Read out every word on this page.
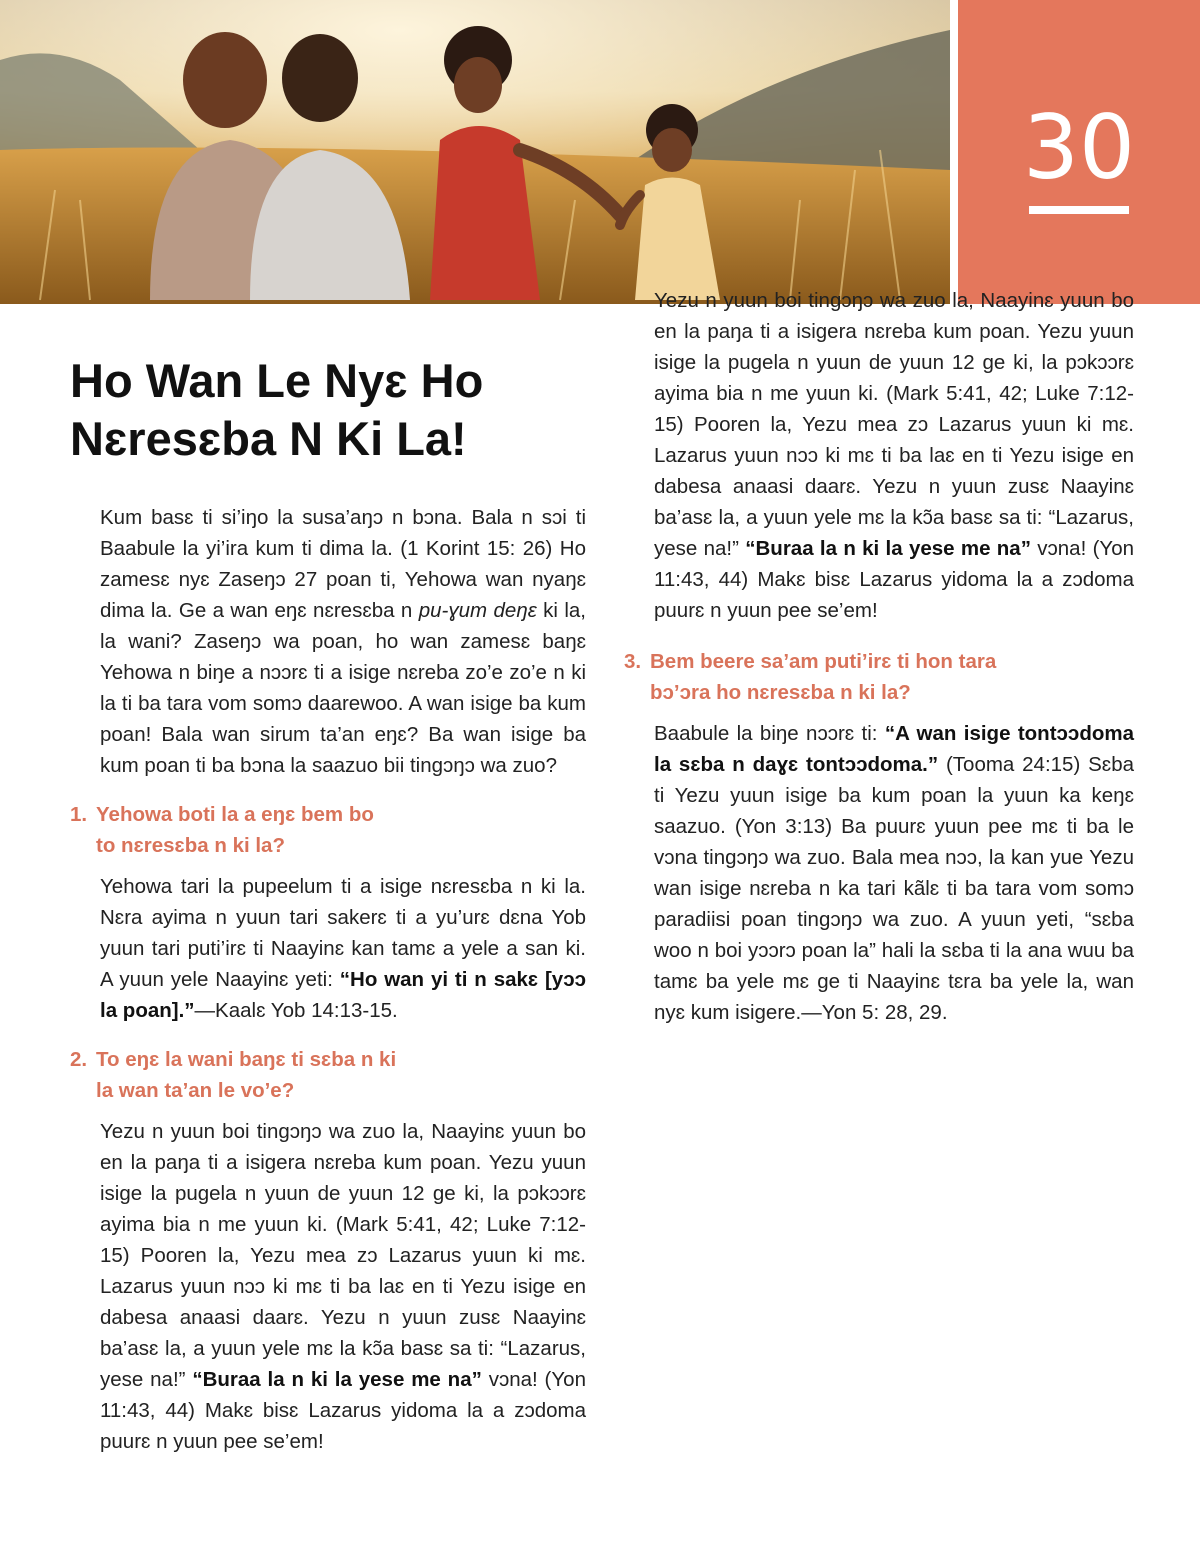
30
Ho Wan Le Nyɛ Ho
Nɛresɛba N Ki La!

Kum basɛ ti si’iŋo la susa’aŋɔ n bɔna. Bala n sɔi ti Baabule la yi’ira kum ti dima la. (1 Korint 15: 26) Ho zamesɛ nyɛ Zaseŋɔ 27 poan ti, Yehowa wan nyaŋɛ dima la. Ge a wan eŋɛ nɛresɛba n pu-ɣum deŋɛ ki la, la wani? Zaseŋɔ wa poan, ho wan zamesɛ baŋɛ Yehowa n biŋe a nɔɔrɛ ti a isige nɛreba zo’e zo’e n ki la ti ba tara vom somɔ daarewoo. A wan isige ba kum poan! Bala wan sirum ta’an eŋɛ? Ba wan isige ba kum poan ti ba bɔna la saazuo bii tingɔŋɔ wa zuo?

1. Yehowa boti la a eŋɛ bem bo
to nɛresɛba n ki la?

Yehowa tari la pupeelum ti a isige nɛresɛba n ki la. Nɛra ayima n yuun tari sakerɛ ti a yu’urɛ dɛna Yob yuun tari puti’irɛ ti Naayinɛ kan tamɛ a yele a san ki. A yuun yele Naayinɛ yeti: “Ho wan yi ti n sakɛ [yɔɔ la poan].”—Kaalɛ Yob 14:13-15.

2. To eŋɛ la wani baŋɛ ti sɛba n ki
la wan ta’an le vo’e?

Yezu n yuun boi tingɔŋɔ wa zuo la, Naayinɛ yuun bo en la paŋa ti a isigera nɛreba kum poan. Yezu yuun isige la pugela n yuun de yuun 12 ge ki, la pɔkɔɔrɛ ayima bia n me yuun ki. (Mark 5:41, 42; Luke 7:12-15) Pooren la, Yezu mea zɔ Lazarus yuun ki mɛ. Lazarus yuun nɔɔ ki mɛ ti ba laɛ en ti Yezu isige en dabesa anaasi daarɛ. Yezu n yuun zusɛ Naayinɛ ba’asɛ la, a yuun yele mɛ la kɔ̃a basɛ sa ti: “Lazarus, yese na!” “Buraa la n ki la yese me na” vɔna! (Yon 11:43, 44) Makɛ bisɛ Lazarus yidoma la a zɔdoma puurɛ n yuun pee se’em!

Yezu n yuun boi tingɔŋɔ wa zuo la, Naayinɛ yuun bo en la paŋa ti a isigera nɛreba kum poan. Yezu yuun isige la pugela n yuun de yuun 12 ge ki, la pɔkɔɔrɛ ayima bia n me yuun ki. (Mark 5:41, 42; Luke 7:12-15) Pooren la, Yezu mea zɔ Lazarus yuun ki mɛ. Lazarus yuun nɔɔ ki mɛ ti ba laɛ en ti Yezu isige en dabesa anaasi daarɛ. Yezu n yuun zusɛ Naayinɛ ba’asɛ la, a yuun yele mɛ la kɔ̃a basɛ sa ti: “Lazarus, yese na!” “Buraa la n ki la yese me na” vɔna! (Yon 11:43, 44) Makɛ bisɛ Lazarus yidoma la a zɔdoma puurɛ n yuun pee se’em!

3. Bem beere sa’am puti’irɛ ti hon tara
bɔ’ɔra ho nɛresɛba n ki la?

Baabule la biŋe nɔɔrɛ ti: “A wan isige tontɔɔdoma la sɛba n daɣɛ tontɔɔdoma.” (Tooma 24:15) Sɛba ti Yezu yuun isige ba kum poan la yuun ka keŋɛ saazuo. (Yon 3:13) Ba puurɛ yuun pee mɛ ti ba le vɔna tingɔŋɔ wa zuo. Bala mea nɔɔ, la kan yue Yezu wan isige nɛreba n ka tari kãlɛ ti ba tara vom somɔ paradiisi poan tingɔŋɔ wa zuo. A yuun yeti, “sɛba woo n boi yɔɔrɔ poan la” hali la sɛba ti la ana wuu ba tamɛ ba yele mɛ ge ti Naayinɛ tɛra ba yele la, wan nyɛ kum isigere.—Yon 5: 28, 29.
